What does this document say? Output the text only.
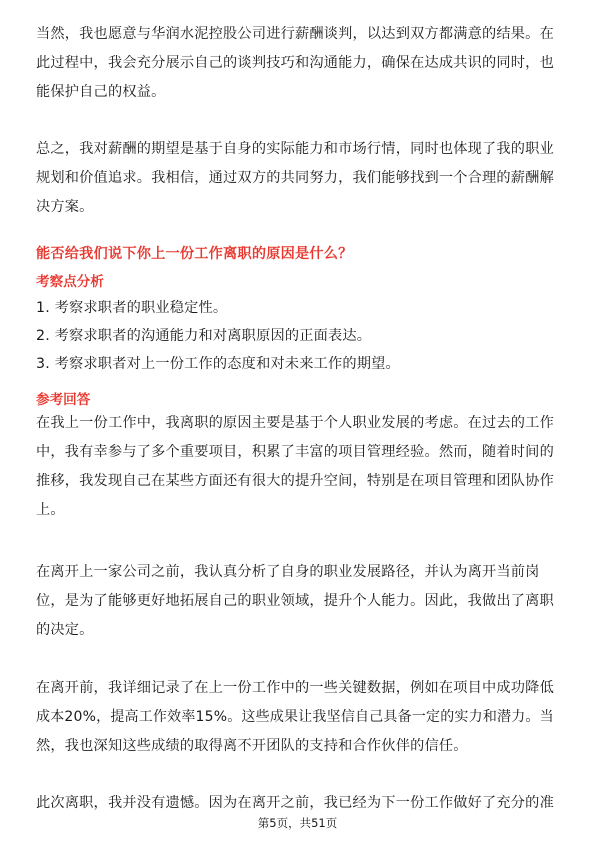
当然，我也愿意与华润水泥控股公司进行薪酬谈判，以达到双方都满意的结果。在
此过程中，我会充分展示自己的谈判技巧和沟通能力，确保在达成共识的同时，也
能保护自己的权益。
总之，我对薪酬的期望是基于自身的实际能力和市场行情，同时也体现了我的职业
规划和价值追求。我相信，通过双方的共同努力，我们能够找到一个合理的薪酬解
决方案。
能否给我们说下你上一份工作离职的原因是什么？
考察点分析
1. 考察求职者的职业稳定性。
2. 考察求职者的沟通能力和对离职原因的正面表达。
3. 考察求职者对上一份工作的态度和对未来工作的期望。
参考回答
在我上一份工作中，我离职的原因主要是基于个人职业发展的考虑。在过去的工作
中，我有幸参与了多个重要项目，积累了丰富的项目管理经验。然而，随着时间的
推移，我发现自己在某些方面还有很大的提升空间，特别是在项目管理和团队协作
上。
在离开上一家公司之前，我认真分析了自身的职业发展路径，并认为离开当前岗
位，是为了能够更好地拓展自己的职业领域，提升个人能力。因此，我做出了离职
的决定。
在离开前，我详细记录了在上一份工作中的一些关键数据，例如在项目中成功降低
成本20%，提高工作效率15%。这些成果让我坚信自己具备一定的实力和潜力。当
然，我也深知这些成绩的取得离不开团队的支持和合作伙伴的信任。
此次离职，我并没有遗憾。因为在离开之前，我已经为下一份工作做好了充分的准
第5页，共51页
